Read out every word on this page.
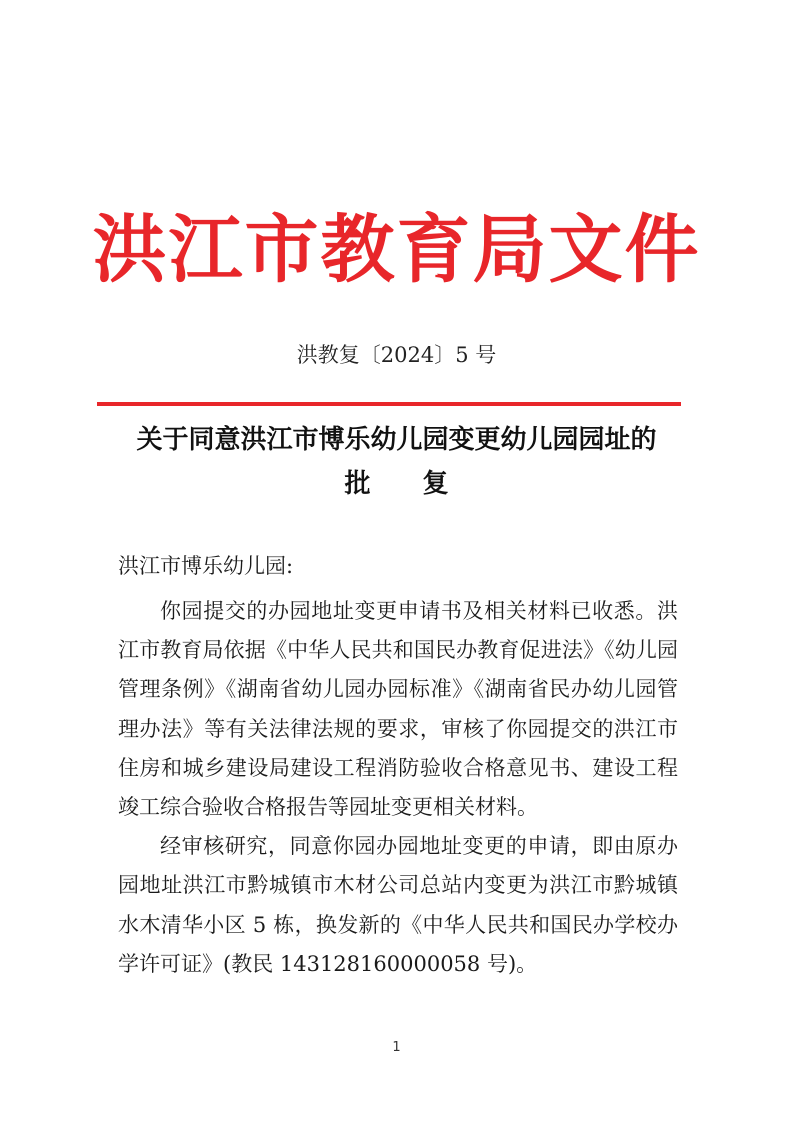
洪江市教育局文件
洪教复〔2024〕5 号
关于同意洪江市博乐幼儿园变更幼儿园园址的
批复
洪江市博乐幼儿园:

你园提交的办园地址变更申请书及相关材料已收悉。洪江市教育局依据《中华人民共和国民办教育促进法》《幼儿园管理条例》《湖南省幼儿园办园标准》《湖南省民办幼儿园管理办法》等有关法律法规的要求，审核了你园提交的洪江市住房和城乡建设局建设工程消防验收合格意见书、建设工程竣工综合验收合格报告等园址变更相关材料。

经审核研究，同意你园办园地址变更的申请，即由原办园地址洪江市黔城镇市木材公司总站内变更为洪江市黔城镇水木清华小区 5 栋，换发新的《中华人民共和国民办学校办学许可证》(教民 143128160000058 号)。

1
